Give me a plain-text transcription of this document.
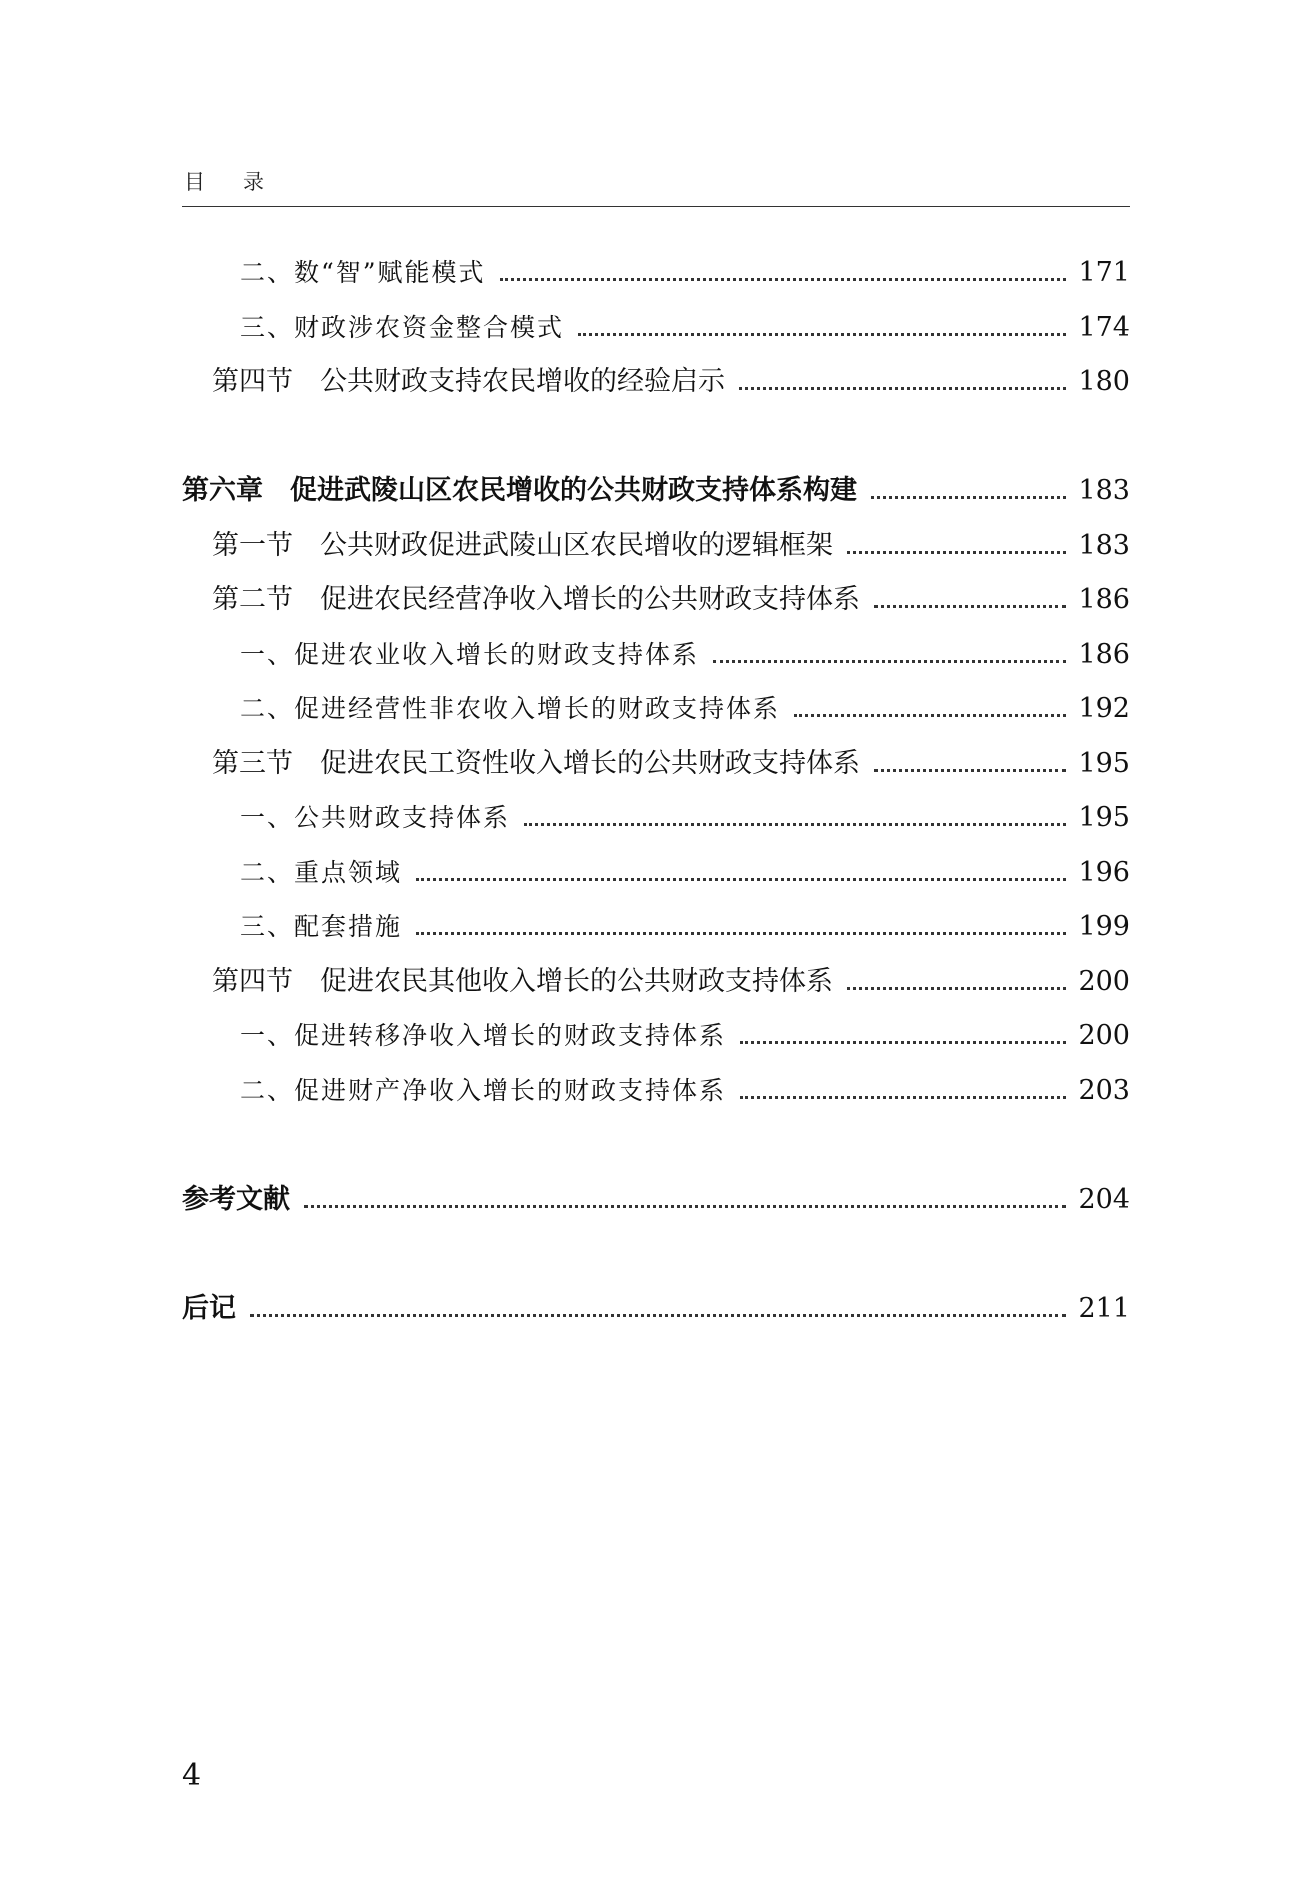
目录
二、数“智”赋能模式	171
三、财政涉农资金整合模式	174
第四节　公共财政支持农民增收的经验启示	180
第六章　促进武陵山区农民增收的公共财政支持体系构建	183
第一节　公共财政促进武陵山区农民增收的逻辑框架	183
第二节　促进农民经营净收入增长的公共财政支持体系	186
一、促进农业收入增长的财政支持体系	186
二、促进经营性非农收入增长的财政支持体系	192
第三节　促进农民工资性收入增长的公共财政支持体系	195
一、公共财政支持体系	195
二、重点领域	196
三、配套措施	199
第四节　促进农民其他收入增长的公共财政支持体系	200
一、促进转移净收入增长的财政支持体系	200
二、促进财产净收入增长的财政支持体系	203
参考文献	204
后记	211
4
